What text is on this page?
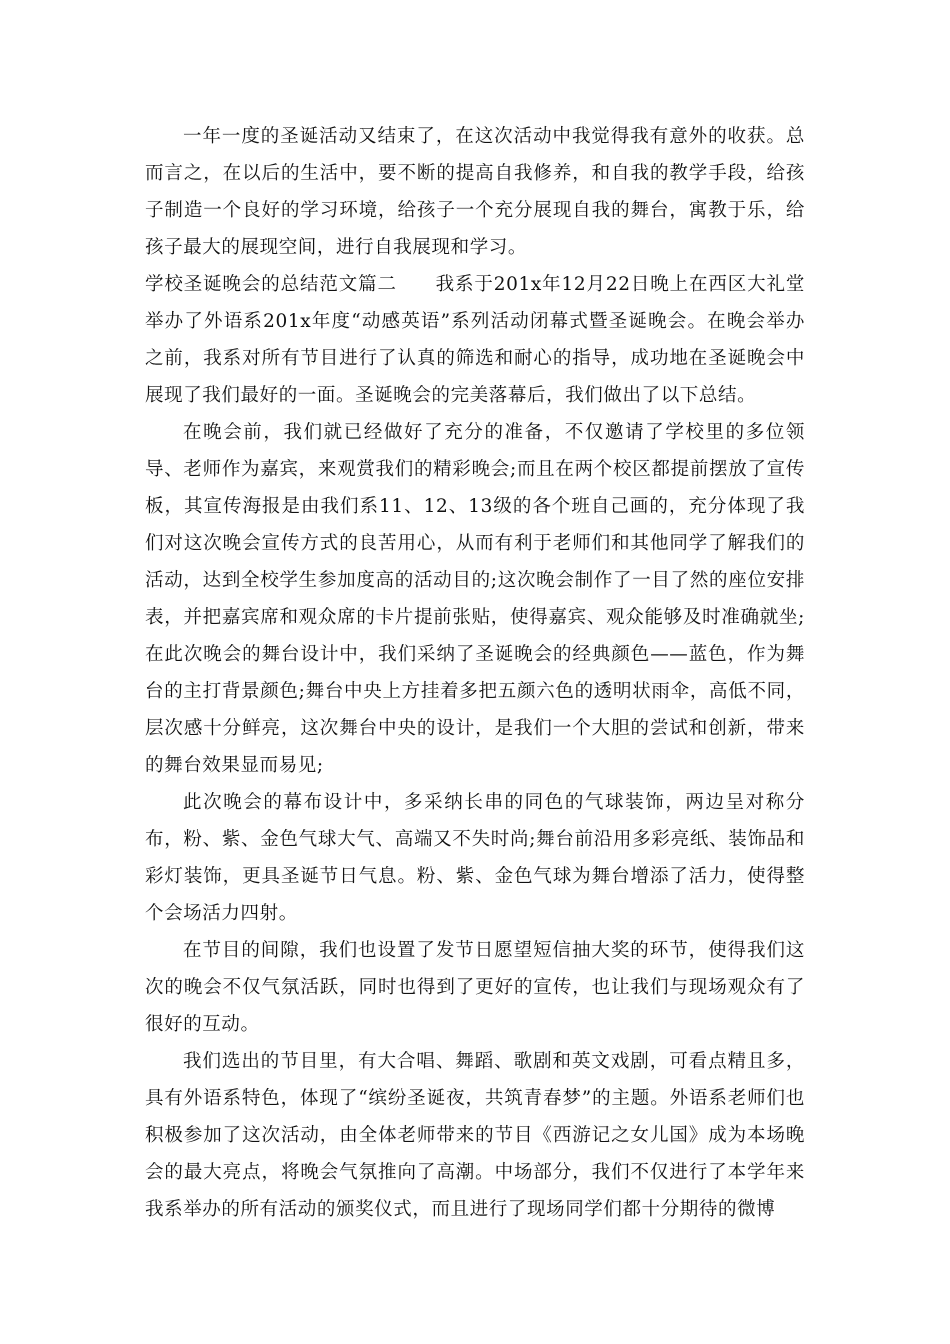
一年一度的圣诞活动又结束了，在这次活动中我觉得我有意外的收获。总而言之，在以后的生活中，要不断的提高自我修养，和自我的教学手段，给孩子制造一个良好的学习环境，给孩子一个充分展现自我的舞台，寓教于乐，给孩子最大的展现空间，进行自我展现和学习。

学校圣诞晚会的总结范文篇二　　我系于201x年12月22日晚上在西区大礼堂举办了外语系201x年度“动感英语”系列活动闭幕式暨圣诞晚会。在晚会举办之前，我系对所有节目进行了认真的筛选和耐心的指导，成功地在圣诞晚会中展现了我们最好的一面。圣诞晚会的完美落幕后，我们做出了以下总结。

在晚会前，我们就已经做好了充分的准备，不仅邀请了学校里的多位领导、老师作为嘉宾，来观赏我们的精彩晚会;而且在两个校区都提前摆放了宣传板，其宣传海报是由我们系11、12、13级的各个班自己画的，充分体现了我们对这次晚会宣传方式的良苦用心，从而有利于老师们和其他同学了解我们的活动，达到全校学生参加度高的活动目的;这次晚会制作了一目了然的座位安排表，并把嘉宾席和观众席的卡片提前张贴，使得嘉宾、观众能够及时准确就坐;在此次晚会的舞台设计中，我们采纳了圣诞晚会的经典颜色——蓝色，作为舞台的主打背景颜色;舞台中央上方挂着多把五颜六色的透明状雨伞，高低不同，层次感十分鲜亮，这次舞台中央的设计，是我们一个大胆的尝试和创新，带来的舞台效果显而易见;

此次晚会的幕布设计中，多采纳长串的同色的气球装饰，两边呈对称分布，粉、紫、金色气球大气、高端又不失时尚;舞台前沿用多彩亮纸、装饰品和彩灯装饰，更具圣诞节日气息。粉、紫、金色气球为舞台增添了活力，使得整个会场活力四射。

在节目的间隙，我们也设置了发节日愿望短信抽大奖的环节，使得我们这次的晚会不仅气氛活跃，同时也得到了更好的宣传，也让我们与现场观众有了很好的互动。

我们选出的节目里，有大合唱、舞蹈、歌剧和英文戏剧，可看点精且多，具有外语系特色，体现了“缤纷圣诞夜，共筑青春梦”的主题。外语系老师们也积极参加了这次活动，由全体老师带来的节目《西游记之女儿国》成为本场晚会的最大亮点，将晚会气氛推向了高潮。中场部分，我们不仅进行了本学年来我系举办的所有活动的颁奖仪式，而且进行了现场同学们都十分期待的微博
